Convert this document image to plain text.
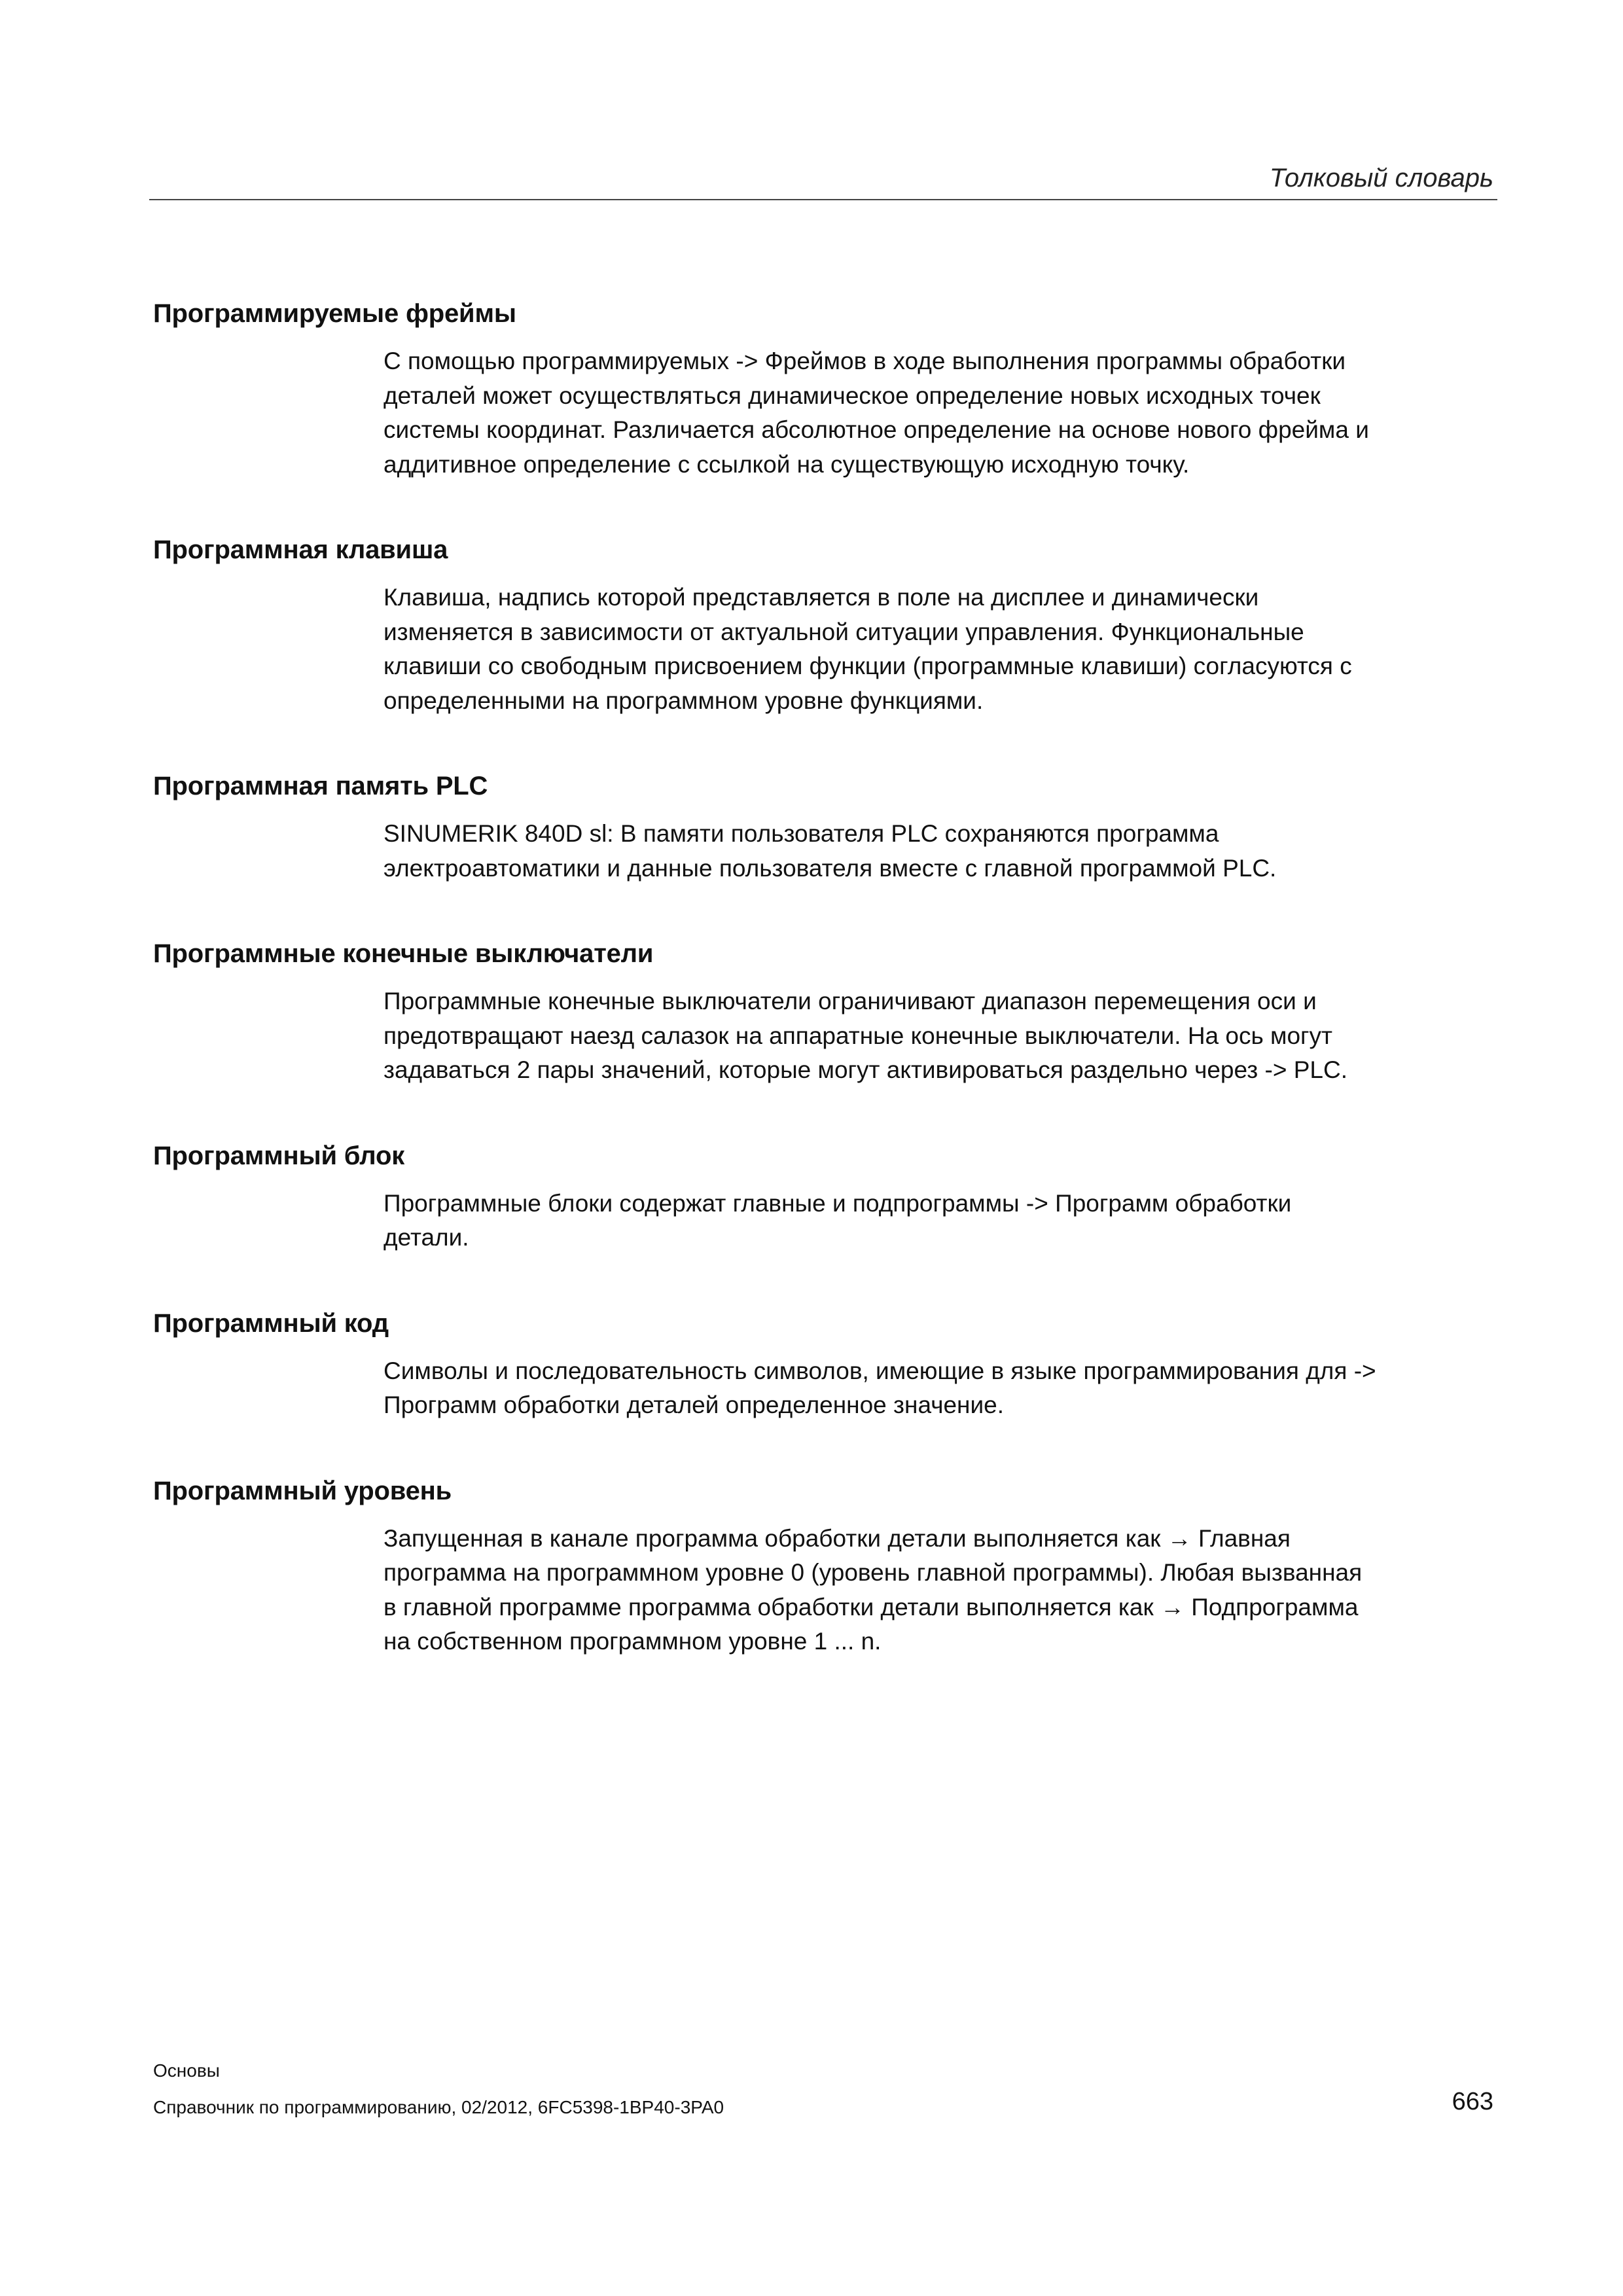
Толковый словарь
Программируемые фреймы
С помощью программируемых -> Фреймов в ходе выполнения программы обработки
деталей может осуществляться динамическое определение новых исходных точек
системы координат. Различается абсолютное определение на основе нового фрейма и
аддитивное определение с ссылкой на существующую исходную точку.
Программная клавиша
Клавиша, надпись которой представляется в поле на дисплее и динамически
изменяется в зависимости от актуальной ситуации управления. Функциональные
клавиши со свободным присвоением функции (программные клавиши) согласуются с
определенными на программном уровне функциями.
Программная память PLC
SINUMERIK 840D sl: В памяти пользователя PLC сохраняются программа
электроавтоматики и данные пользователя вместе с главной программой PLC.
Программные конечные выключатели
Программные конечные выключатели ограничивают диапазон перемещения оси и
предотвращают наезд салазок на аппаратные конечные выключатели. На ось могут
задаваться 2 пары значений, которые могут активироваться раздельно через -> PLC.
Программный блок
Программные блоки содержат главные и подпрограммы -> Программ обработки
детали.
Программный код
Символы и последовательность символов, имеющие в языке программирования для ->
Программ обработки деталей определенное значение.
Программный уровень
Запущенная в канале программа обработки детали выполняется как → Главная
программа на программном уровне 0 (уровень главной программы). Любая вызванная
в главной программе программа обработки детали выполняется как → Подпрограмма
на собственном программном уровне 1 ... n.
Основы
Справочник по программированию, 02/2012, 6FC5398-1BP40-3PA0	663
